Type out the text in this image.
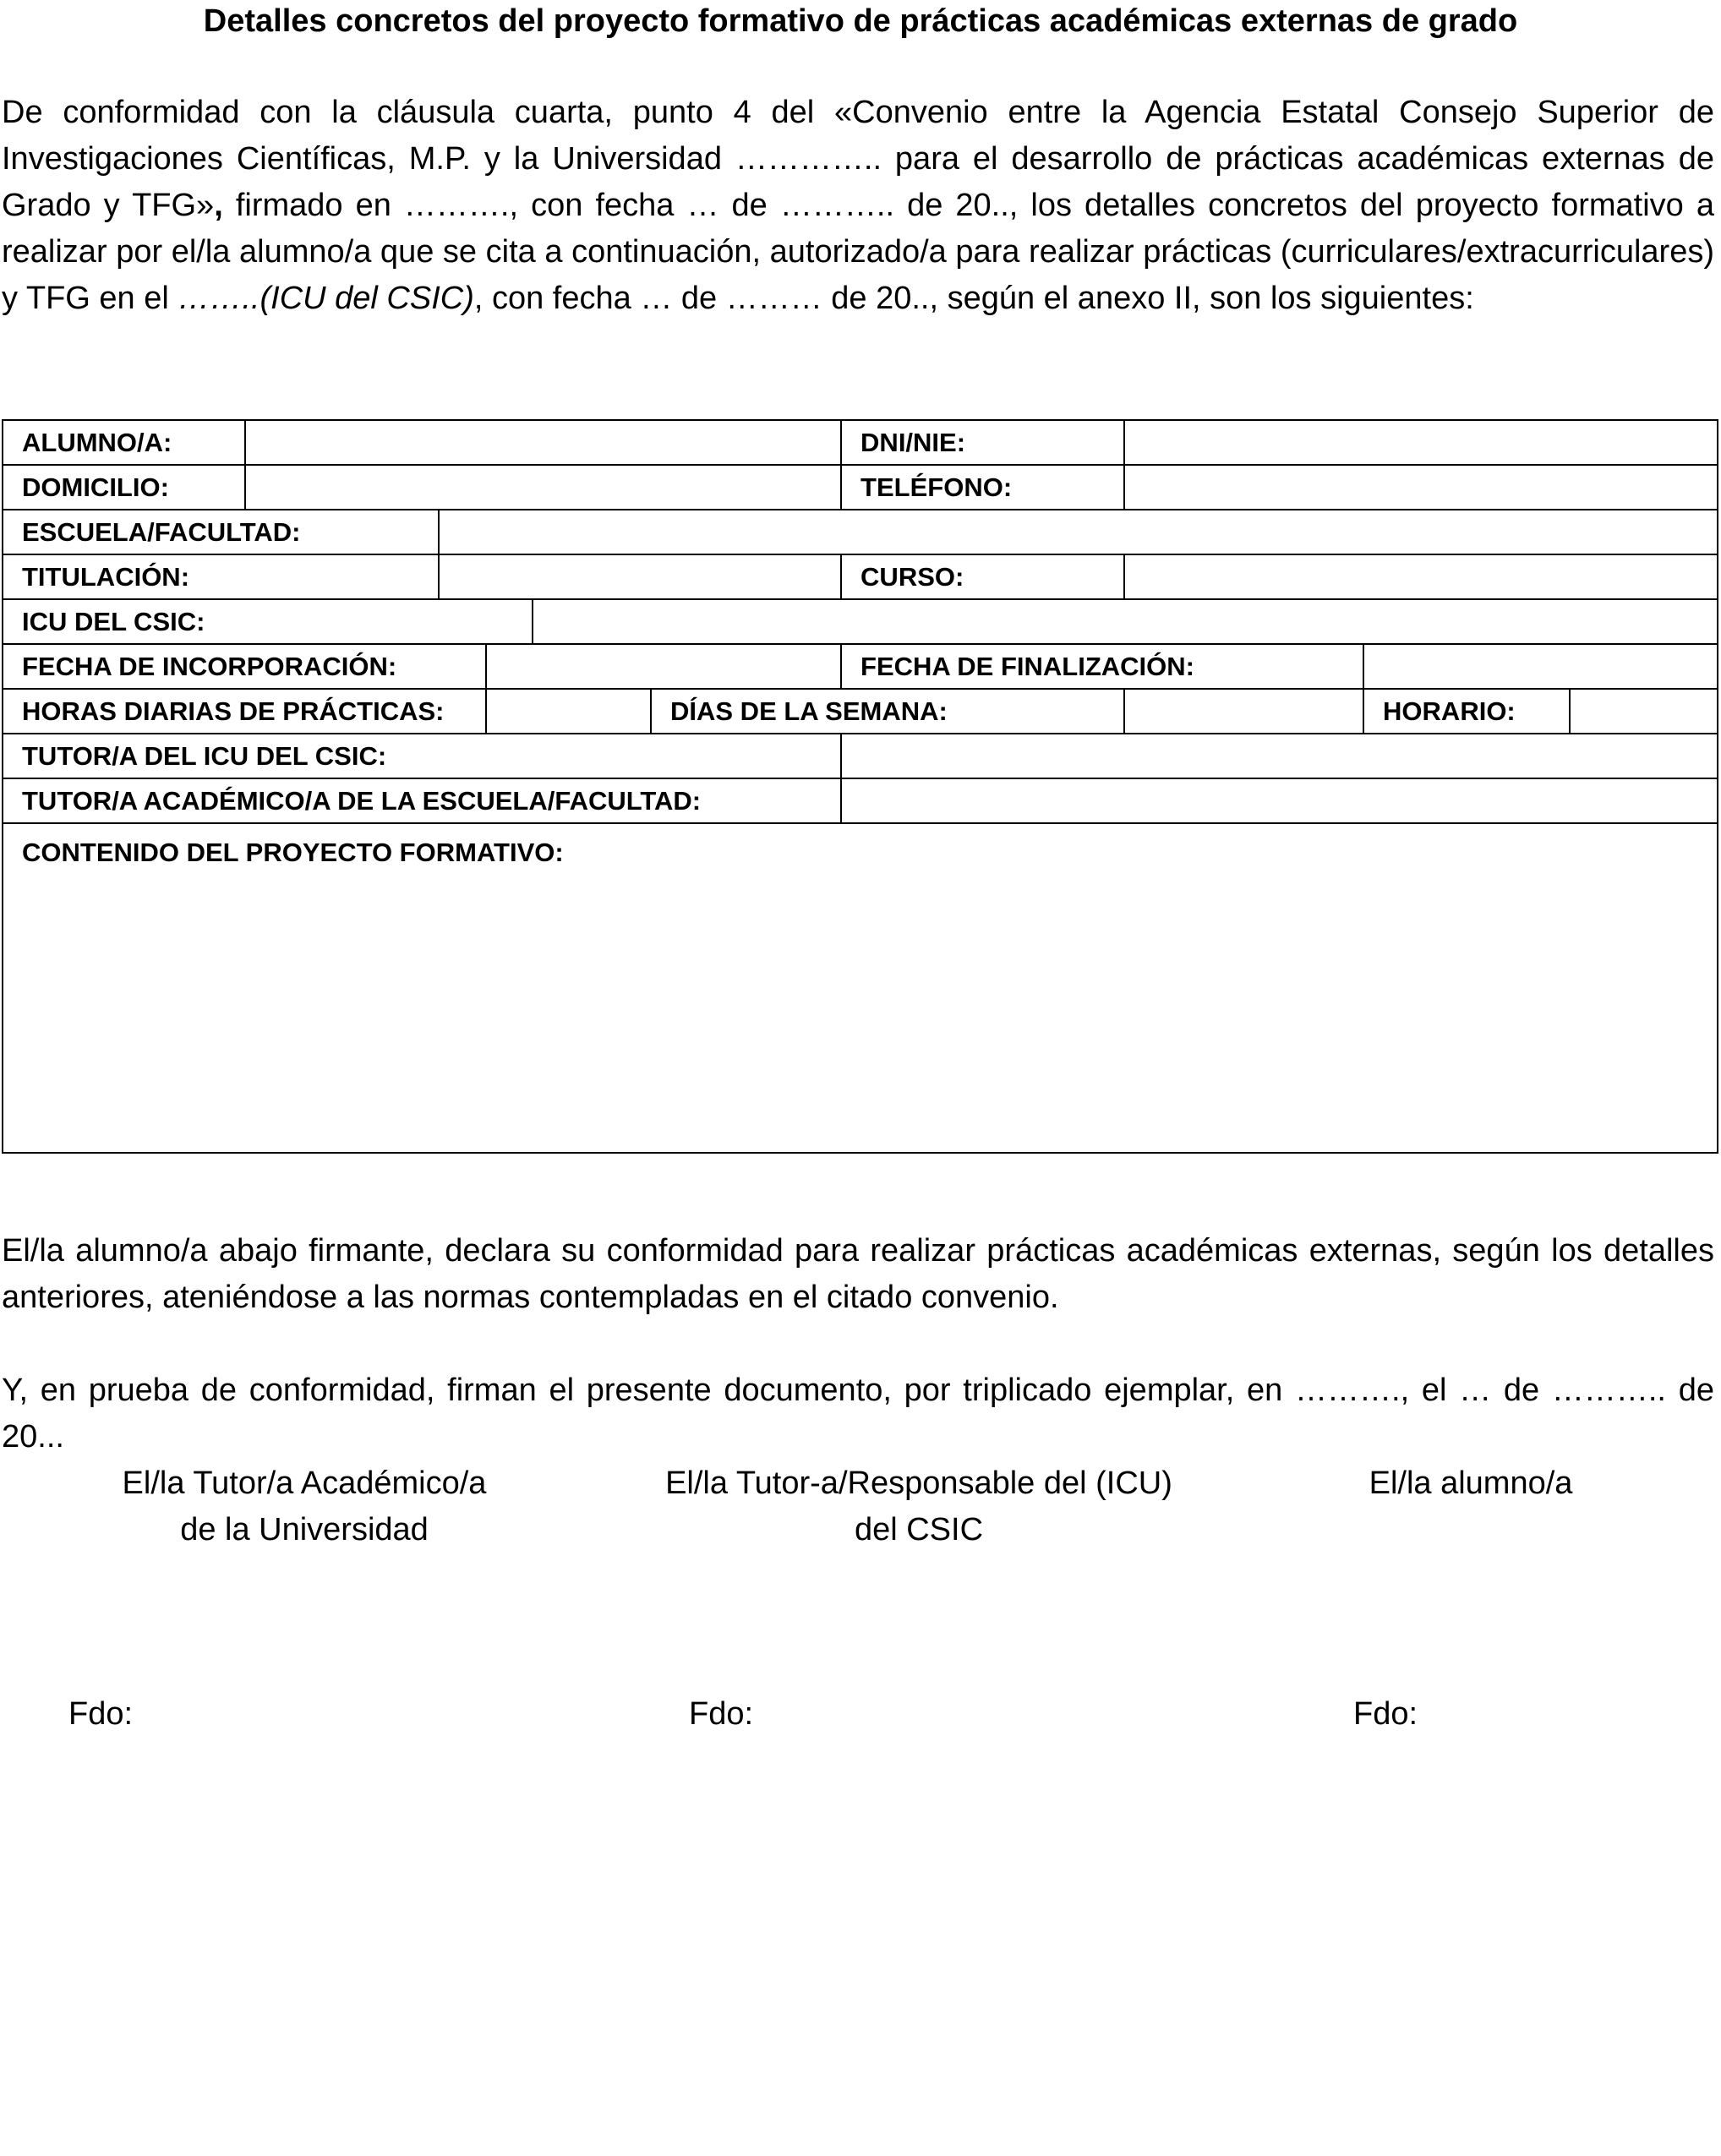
Detalles concretos del proyecto formativo de prácticas académicas externas de grado

De conformidad con la cláusula cuarta, punto 4 del «Convenio entre la Agencia Estatal Consejo Superior de Investigaciones Científicas, M.P. y la Universidad ………….. para el desarrollo de prácticas académicas externas de Grado y TFG», firmado en ………., con fecha … de ……….. de 20.., los detalles concretos del proyecto formativo a realizar por el/la alumno/a que se cita a continuación, autorizado/a para realizar prácticas (curriculares/extracurriculares) y TFG en el ……..(ICU del CSIC), con fecha … de ……… de 20.., según el anexo II, son los siguientes:

ALUMNO/A:						DNI/NIE:			
DOMICILIO:						TELÉFONO:			
ESCUELA/FACULTAD:									
TITULACIÓN:						CURSO:			
ICU DEL CSIC:									
FECHA DE INCORPORACIÓN:						FECHA DE FINALIZACIÓN:			
HORAS DIARIAS DE PRÁCTICAS:					DÍAS DE LA SEMANA:			HORARIO:	
TUTOR/A DEL ICU DEL CSIC:									
TUTOR/A ACADÉMICO/A DE LA ESCUELA/FACULTAD:									
CONTENIDO DEL PROYECTO FORMATIVO:									

El/la alumno/a abajo firmante, declara su conformidad para realizar prácticas académicas externas, según los detalles anteriores, ateniéndose a las normas contempladas en el citado convenio.

Y, en prueba de conformidad, firman el presente documento, por triplicado ejemplar, en ………., el … de ……….. de 20...

El/la Tutor/a Académico/a
de la Universidad
El/la Tutor-a/Responsable del (ICU)
del CSIC
El/la alumno/a
Fdo:	Fdo:	Fdo:
